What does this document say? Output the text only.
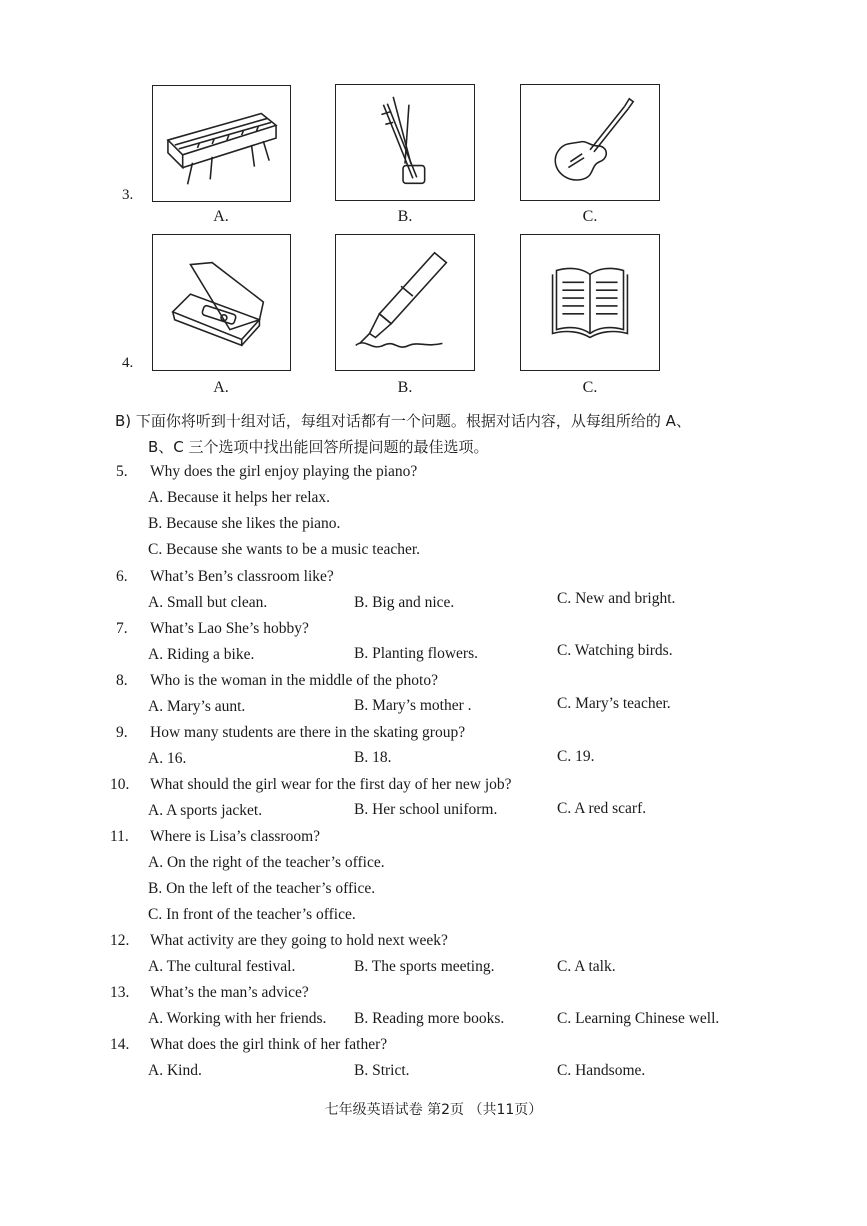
3.
A.	B.	C.
4.
A.	B.	C.
B) 下面你将听到十组对话，每组对话都有一个问题。根据对话内容，从每组所给的 A、
B、C 三个选项中找出能回答所提问题的最佳选项。
5. Why does the girl enjoy playing the piano?
A. Because it helps her relax.
B. Because she likes the piano.
C. Because she wants to be a music teacher.
6. What’s Ben’s classroom like?
A. Small but clean.	B. Big and nice.	C. New and bright.
7. What’s Lao She’s hobby?
A. Riding a bike.	B. Planting flowers.	C. Watching birds.
8. Who is the woman in the middle of the photo?
A. Mary’s aunt.	B. Mary’s mother .	C. Mary’s teacher.
9. How many students are there in the skating group?
A. 16.	B. 18.	C. 19.
10. What should the girl wear for the first day of her new job?
A. A sports jacket.	B. Her school uniform.	C. A red scarf.
11. Where is Lisa’s classroom?
A. On the right of the teacher’s office.
B. On the left of the teacher’s office.
C. In front of the teacher’s office.
12. What activity are they going to hold next week?
A. The cultural festival.	B. The sports meeting.	C. A talk.
13. What’s the man’s advice?
A. Working with her friends. B. Reading more books.	C. Learning Chinese well.
14. What does the girl think of her father?
A. Kind.	B. Strict.	C. Handsome.
七年级英语试卷 第2页 （共11页）
